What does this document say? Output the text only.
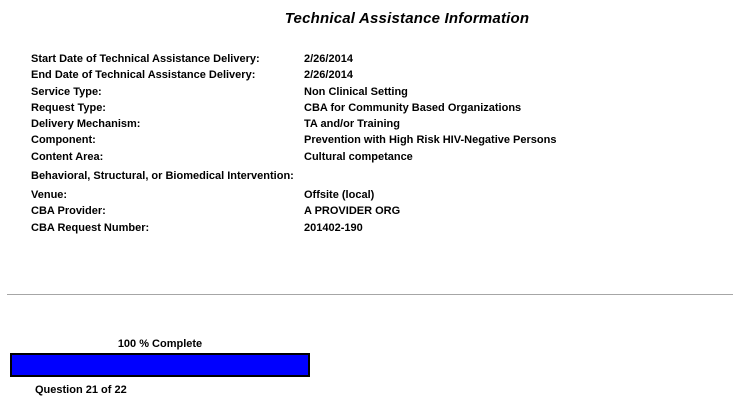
Technical Assistance Information
Start Date of Technical Assistance Delivery:	2/26/2014
End Date of Technical Assistance Delivery:	2/26/2014
Service Type:	Non Clinical Setting
Request Type:	CBA for Community Based Organizations
Delivery Mechanism:	TA and/or Training
Component:	Prevention with High Risk HIV-Negative Persons
Content Area:	Cultural competance
Behavioral, Structural, or Biomedical Intervention:
Venue:	Offsite (local)
CBA Provider:	A PROVIDER ORG
CBA Request Number:	201402-190
100 % Complete
Question 21 of 22
